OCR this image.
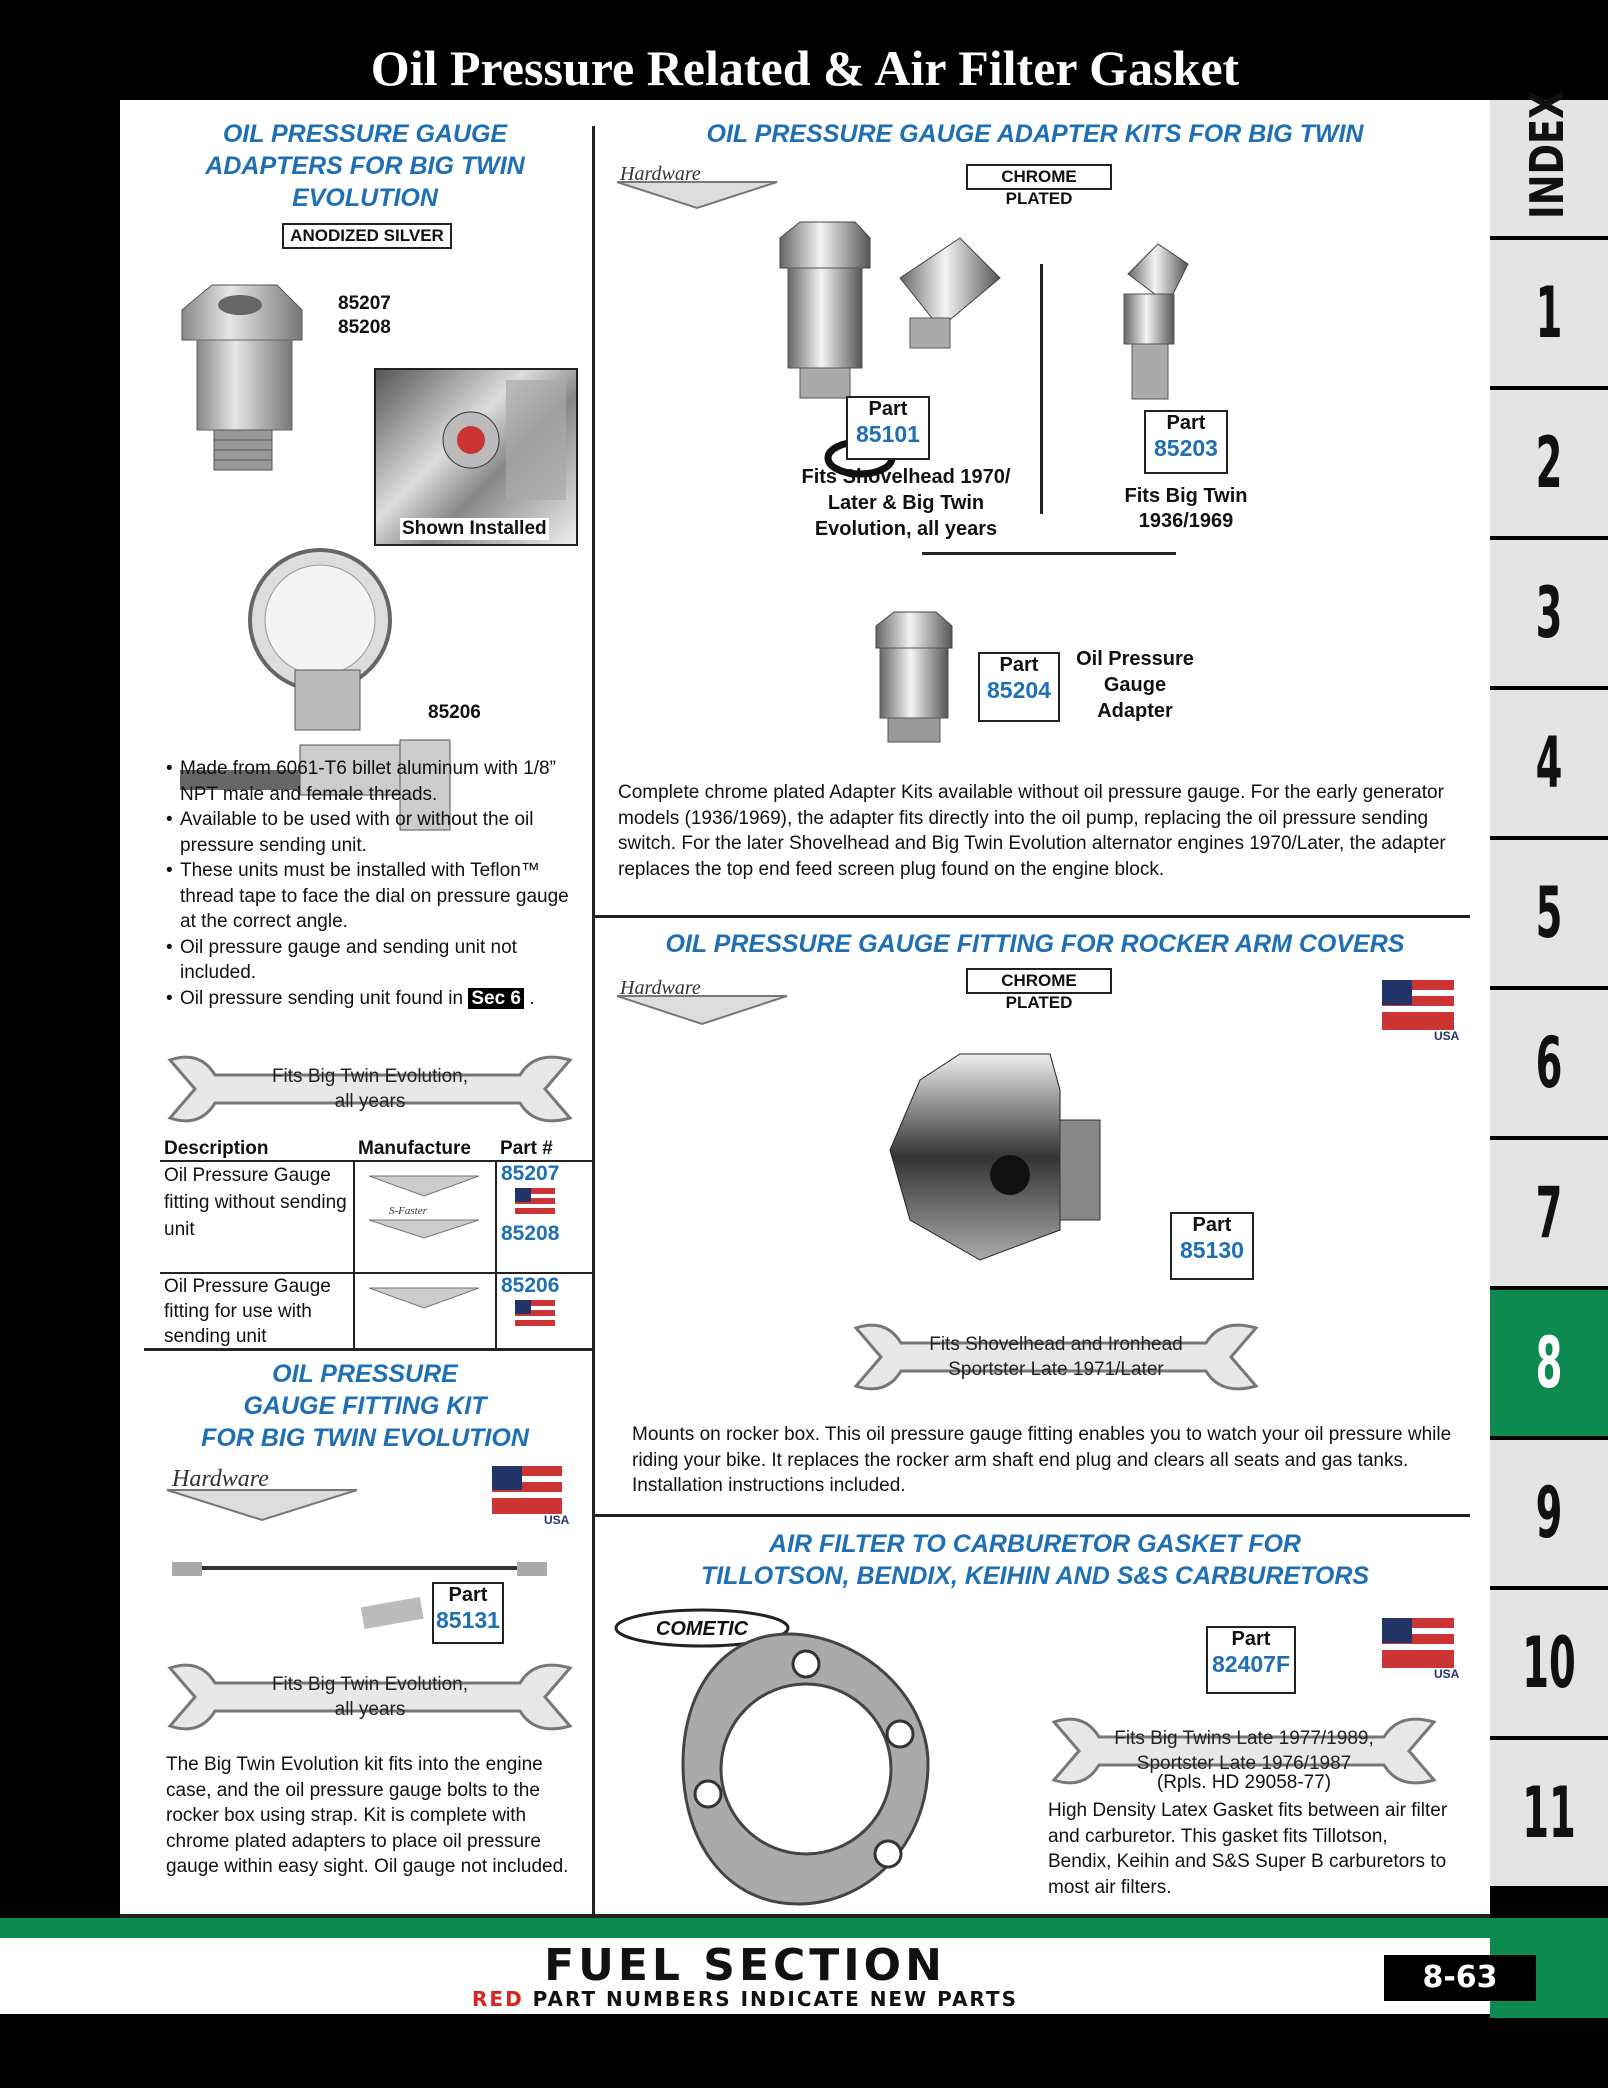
Oil Pressure Related & Air Filter Gasket
OIL PRESSURE GAUGE
ADAPTERS FOR BIG TWIN
EVOLUTION
ANODIZED SILVER
85207
85208
Shown Installed
85206
• Made from 6061-T6 billet aluminum with 1/8” NPT male and female threads.
• Available to be used with or without the oil pressure sending unit.
• These units must be installed with Teflon™ thread tape to face the dial on pressure gauge at the correct angle.
• Oil pressure gauge and sending unit not included.
• Oil pressure sending unit found in Sec 6 .
Fits Big Twin Evolution,
all years
Description	Manufacture	Part #
Oil Pressure Gauge fitting without sending unit	S-Faster	85207
85208

Oil Pressure Gauge fitting for use with sending unit		85206
OIL PRESSURE
GAUGE FITTING KIT
FOR BIG TWIN EVOLUTION
Hardware
USA
Part
85131
Fits Big Twin Evolution,
all years
The Big Twin Evolution kit fits into the engine case, and the oil pressure gauge bolts to the rocker box using strap. Kit is complete with chrome plated adapters to place oil pressure gauge within easy sight. Oil gauge not included.
OIL PRESSURE GAUGE ADAPTER KITS FOR BIG TWIN
Hardware	CHROME PLATED
Part
85101
Fits Shovelhead 1970/ Later & Big Twin Evolution, all years
Part
85203
Fits Big Twin
1936/1969
Part
85204
Oil Pressure
Gauge
Adapter
Complete chrome plated Adapter Kits available without oil pressure gauge. For the early generator models (1936/1969), the adapter fits directly into the oil pump, replacing the oil pressure sending switch. For the later Shovelhead and Big Twin Evolution alternator engines 1970/Later, the adapter replaces the top end feed screen plug found on the engine block.
OIL PRESSURE GAUGE FITTING FOR ROCKER ARM COVERS
Hardware	CHROME PLATED
USA
Part
85130
Fits Shovelhead and Ironhead
Sportster Late 1971/Later
Mounts on rocker box. This oil pressure gauge fitting enables you to watch your oil pressure while riding your bike. It replaces the rocker arm shaft end plug and clears all seats and gas tanks. Installation instructions included.
AIR FILTER TO CARBURETOR GASKET FOR
TILLOTSON, BENDIX, KEIHIN AND S&S CARBURETORS
COMETIC	Part
82407F	USA
Fits Big Twins Late 1977/1989,
Sportster Late 1976/1987
(Rpls. HD 29058-77)
High Density Latex Gasket fits between air filter and carburetor. This gasket fits Tillotson, Bendix, Keihin and S&S Super B carburetors to most air filters.
INDEX
1
2
3
4
5
6
7
8
9
10
11
FUEL SECTION
RED PART NUMBERS INDICATE NEW PARTS
8-63
